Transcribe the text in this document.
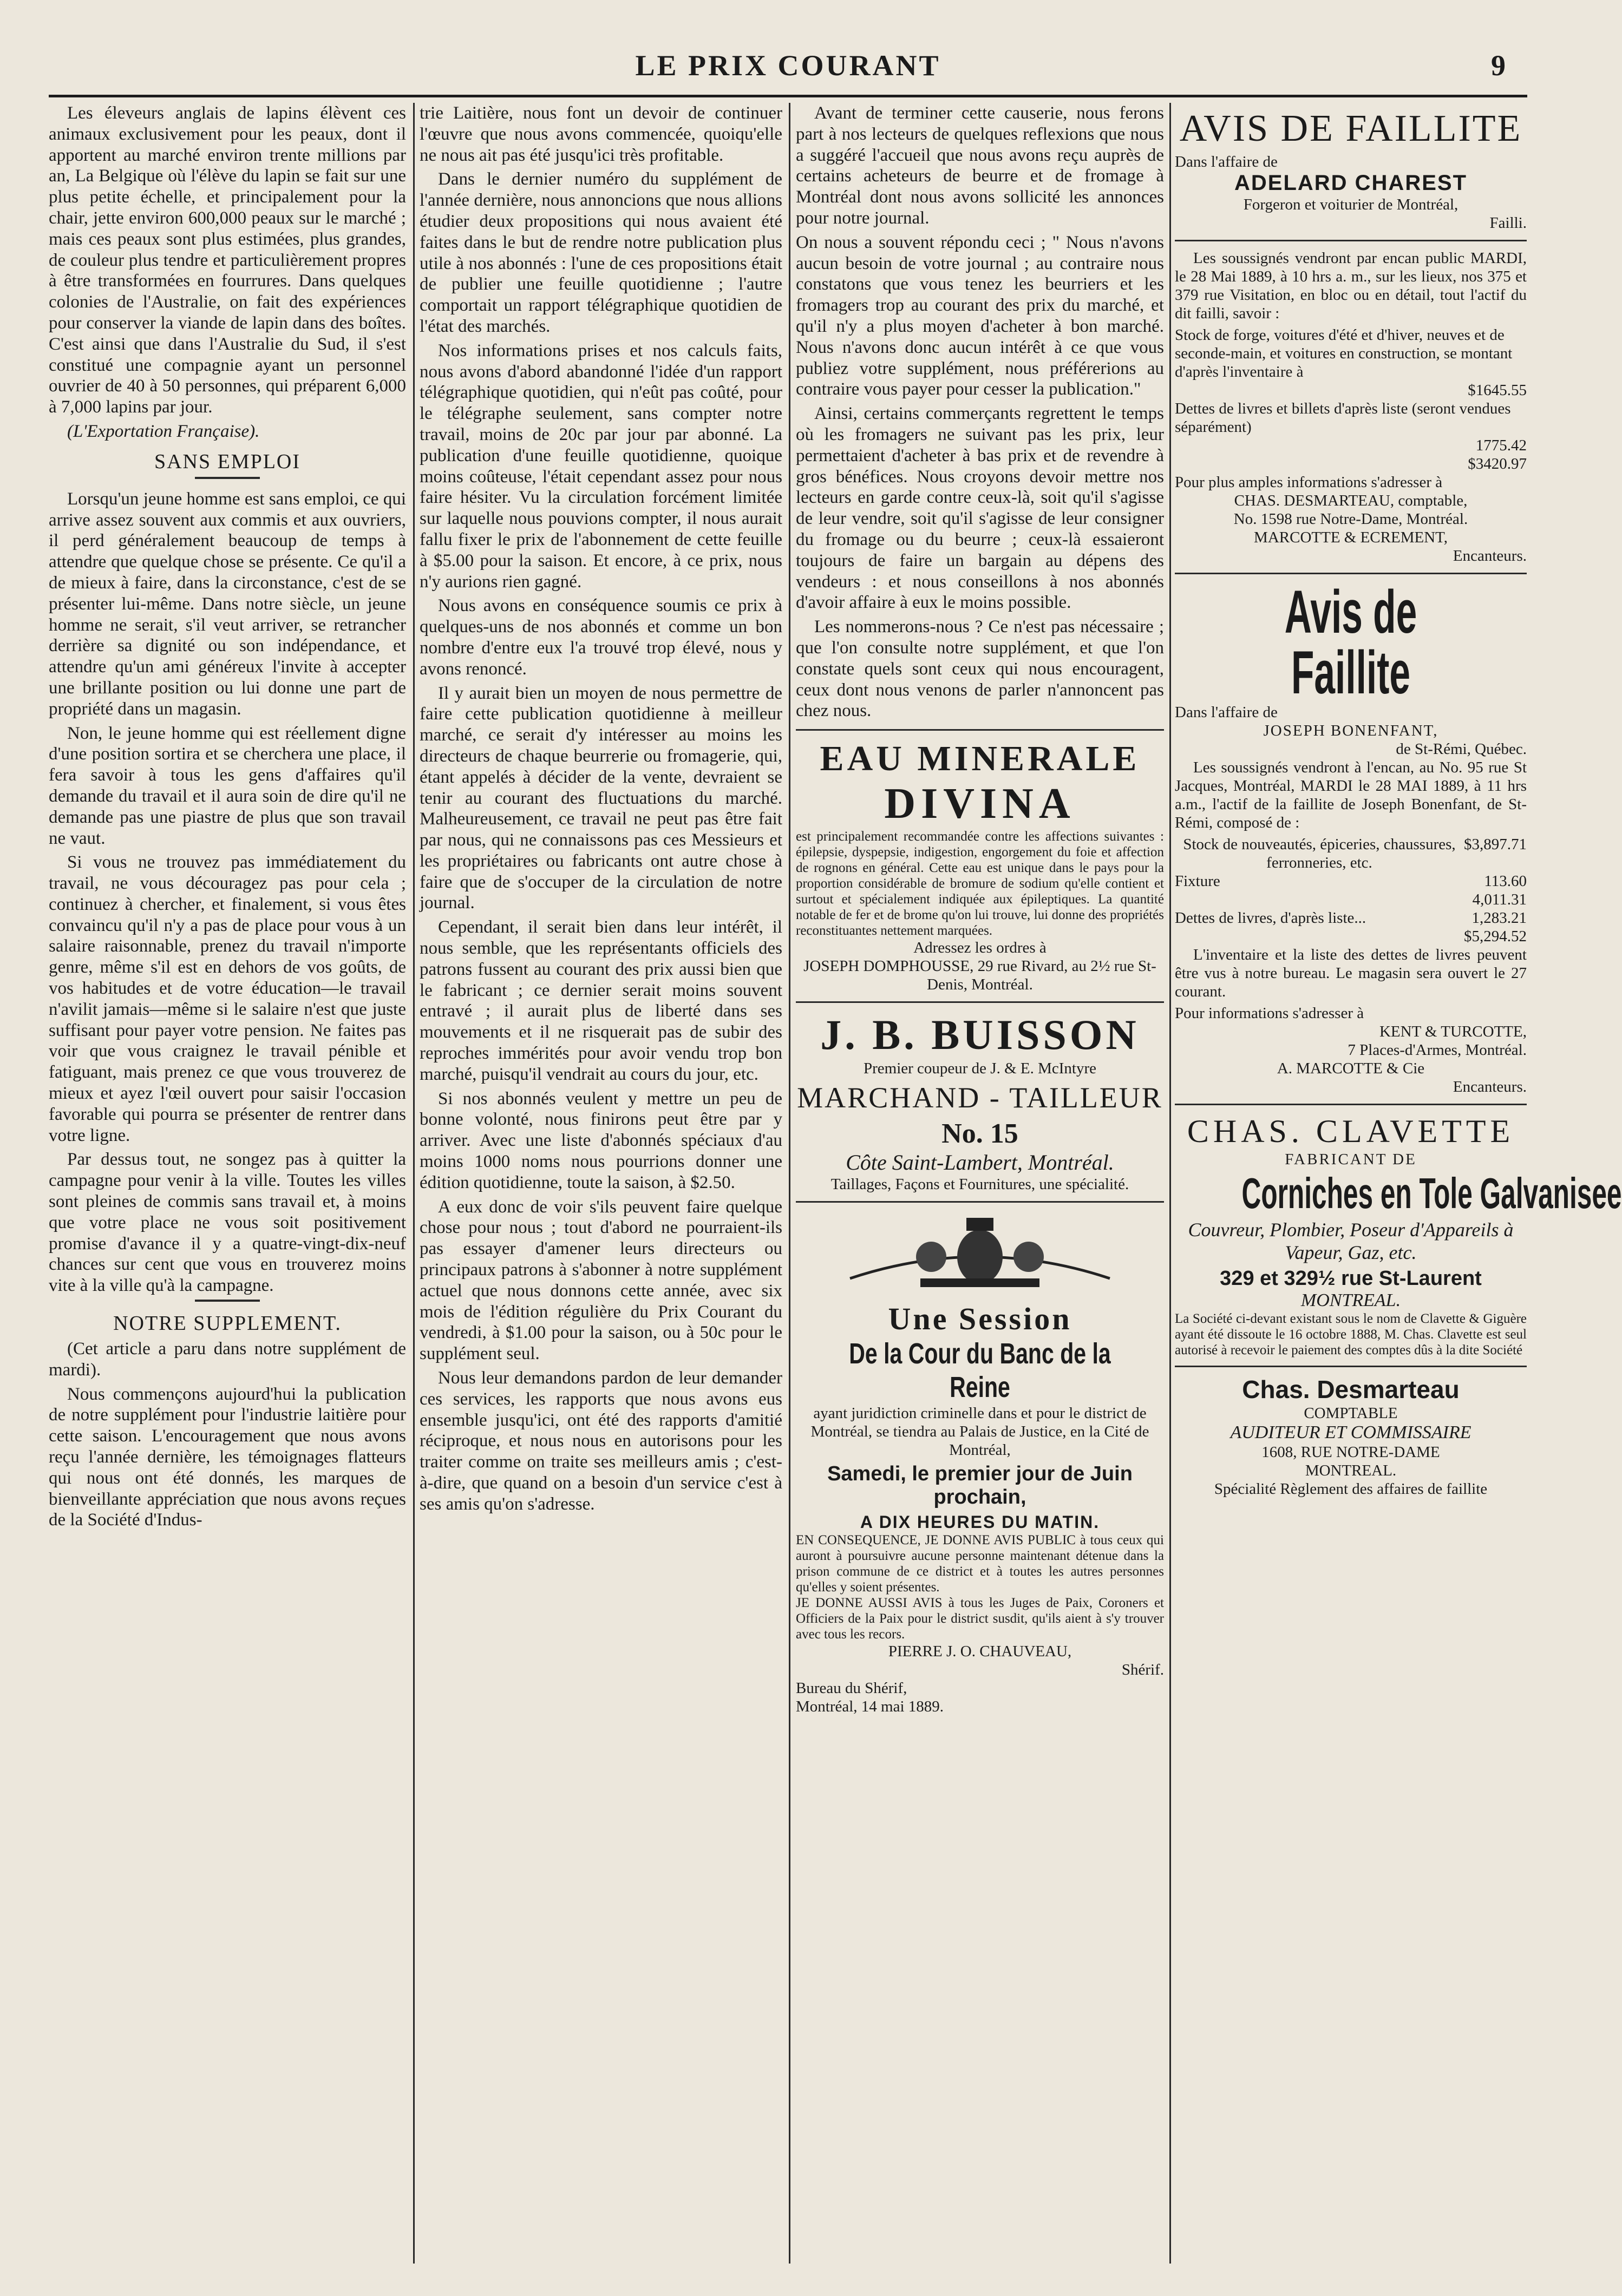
LE PRIX COURANT	9

Les éleveurs anglais de lapins élèvent ces animaux exclusivement pour les peaux, dont il apportent au marché environ trente millions par an, La Belgique où l'élève du lapin se fait sur une plus petite échelle, et principalement pour la chair, jette environ 600,000 peaux sur le marché ; mais ces peaux sont plus estimées, plus grandes, de couleur plus tendre et particulièrement propres à être transformées en fourrures. Dans quelques colonies de l'Australie, on fait des expériences pour conserver la viande de lapin dans des boîtes. C'est ainsi que dans l'Australie du Sud, il s'est constitué une compagnie ayant un personnel ouvrier de 40 à 50 personnes, qui préparent 6,000 à 7,000 lapins par jour.

(L'Exportation Française).

SANS EMPLOI

Lorsqu'un jeune homme est sans emploi, ce qui arrive assez souvent aux commis et aux ouvriers, il perd généralement beaucoup de temps à attendre que quelque chose se présente. Ce qu'il a de mieux à faire, dans la circonstance, c'est de se présenter lui-même. Dans notre siècle, un jeune homme ne serait, s'il veut arriver, se retrancher derrière sa dignité ou son indépendance, et attendre qu'un ami généreux l'invite à accepter une brillante position ou lui donne une part de propriété dans un magasin.

Non, le jeune homme qui est réellement digne d'une position sortira et se cherchera une place, il fera savoir à tous les gens d'affaires qu'il demande du travail et il aura soin de dire qu'il ne demande pas une piastre de plus que son travail ne vaut.

Si vous ne trouvez pas immédiatement du travail, ne vous découragez pas pour cela ; continuez à chercher, et finalement, si vous êtes convaincu qu'il n'y a pas de place pour vous à un salaire raisonnable, prenez du travail n'importe genre, même s'il est en dehors de vos goûts, de vos habitudes et de votre éducation—le travail n'avilit jamais—même si le salaire n'est que juste suffisant pour payer votre pension. Ne faites pas voir que vous craignez le travail pénible et fatiguant, mais prenez ce que vous trouverez de mieux et ayez l'œil ouvert pour saisir l'occasion favorable qui pourra se présenter de rentrer dans votre ligne.

Par dessus tout, ne songez pas à quitter la campagne pour venir à la ville. Toutes les villes sont pleines de commis sans travail et, à moins que votre place ne vous soit positivement promise d'avance il y a quatre-vingt-dix-neuf chances sur cent que vous en trouverez moins vite à la ville qu'à la campagne.

NOTRE SUPPLEMENT.

(Cet article a paru dans notre supplément de mardi).

Nous commençons aujourd'hui la publication de notre supplément pour l'industrie laitière pour cette saison. L'encouragement que nous avons reçu l'année dernière, les témoignages flatteurs qui nous ont été donnés, les marques de bienveillante appréciation que nous avons reçues de la Société d'Indus-

trie Laitière, nous font un devoir de continuer l'œuvre que nous avons commencée, quoiqu'elle ne nous ait pas été jusqu'ici très profitable.

Dans le dernier numéro du supplément de l'année dernière, nous annoncions que nous allions étudier deux propositions qui nous avaient été faites dans le but de rendre notre publication plus utile à nos abonnés : l'une de ces propositions était de publier une feuille quotidienne ; l'autre comportait un rapport télégraphique quotidien de l'état des marchés.

Nos informations prises et nos calculs faits, nous avons d'abord abandonné l'idée d'un rapport télégraphique quotidien, qui n'eût pas coûté, pour le télégraphe seulement, sans compter notre travail, moins de 20c par jour par abonné. La publication d'une feuille quotidienne, quoique moins coûteuse, l'était cependant assez pour nous faire hésiter. Vu la circulation forcément limitée sur laquelle nous pouvions compter, il nous aurait fallu fixer le prix de l'abonnement de cette feuille à $5.00 pour la saison. Et encore, à ce prix, nous n'y aurions rien gagné.

Nous avons en conséquence soumis ce prix à quelques-uns de nos abonnés et comme un bon nombre d'entre eux l'a trouvé trop élevé, nous y avons renoncé.

Il y aurait bien un moyen de nous permettre de faire cette publication quotidienne à meilleur marché, ce serait d'y intéresser au moins les directeurs de chaque beurrerie ou fromagerie, qui, étant appelés à décider de la vente, devraient se tenir au courant des fluctuations du marché. Malheureusement, ce travail ne peut pas être fait par nous, qui ne connaissons pas ces Messieurs et les propriétaires ou fabricants ont autre chose à faire que de s'occuper de la circulation de notre journal.

Cependant, il serait bien dans leur intérêt, il nous semble, que les représentants officiels des patrons fussent au courant des prix aussi bien que le fabricant ; ce dernier serait moins souvent entravé ; il aurait plus de liberté dans ses mouvements et il ne risquerait pas de subir des reproches immérités pour avoir vendu trop bon marché, puisqu'il vendrait au cours du jour, etc.

Si nos abonnés veulent y mettre un peu de bonne volonté, nous finirons peut être par y arriver. Avec une liste d'abonnés spéciaux d'au moins 1000 noms nous pourrions donner une édition quotidienne, toute la saison, à $2.50.

A eux donc de voir s'ils peuvent faire quelque chose pour nous ; tout d'abord ne pourraient-ils pas essayer d'amener leurs directeurs ou principaux patrons à s'abonner à notre supplément actuel que nous donnons cette année, avec six mois de l'édition régulière du Prix Courant du vendredi, à $1.00 pour la saison, ou à 50c pour le supplément seul.

Nous leur demandons pardon de leur demander ces services, les rapports que nous avons eus ensemble jusqu'ici, ont été des rapports d'amitié réciproque, et nous nous en autorisons pour les traiter comme on traite ses meilleurs amis ; c'est-à-dire, que quand on a besoin d'un service c'est à ses amis qu'on s'adresse.

Avant de terminer cette causerie, nous ferons part à nos lecteurs de quelques reflexions que nous a suggéré l'accueil que nous avons reçu auprès de certains acheteurs de beurre et de fromage à Montréal dont nous avons sollicité les annonces pour notre journal.

On nous a souvent répondu ceci ; " Nous n'avons aucun besoin de votre journal ; au contraire nous constatons que vous tenez les beurriers et les fromagers trop au courant des prix du marché, et qu'il n'y a plus moyen d'acheter à bon marché. Nous n'avons donc aucun intérêt à ce que vous publiez votre supplément, nous préférerions au contraire vous payer pour cesser la publication."

Ainsi, certains commerçants regrettent le temps où les fromagers ne suivant pas les prix, leur permettaient d'acheter à bas prix et de revendre à gros bénéfices. Nous croyons devoir mettre nos lecteurs en garde contre ceux-là, soit qu'il s'agisse de leur vendre, soit qu'il s'agisse de leur consigner du fromage ou du beurre ; ceux-là essaieront toujours de faire un bargain au dépens des vendeurs : et nous conseillons à nos abonnés d'avoir affaire à eux le moins possible.

Les nommerons-nous ? Ce n'est pas nécessaire ; que l'on consulte notre supplément, et que l'on constate quels sont ceux qui nous encouragent, ceux dont nous venons de parler n'annoncent pas chez nous.

EAU MINERALE
DIVINA
est principalement recommandée contre les affections suivantes : épilepsie, dyspepsie, indigestion, engorgement du foie et affection de rognons en général. Cette eau est unique dans le pays pour la proportion considérable de bromure de sodium qu'elle contient et surtout et spécialement indiquée aux épileptiques. La quantité notable de fer et de brome qu'on lui trouve, lui donne des propriétés reconstituantes nettement marquées.
Adressez les ordres à
JOSEPH DOMPHOUSSE, 29 rue Rivard, au 2½ rue St-Denis, Montréal.
J. B. BUISSON
Premier coupeur de J. & E. McIntyre
MARCHAND - TAILLEUR
No. 15
Côte Saint-Lambert, Montréal.
Taillages, Façons et Fournitures, une spécialité.
Une Session
De la Cour du Banc de la Reine
ayant juridiction criminelle dans et pour le district de Montréal, se tiendra au Palais de Justice, en la Cité de Montréal,
Samedi, le premier jour de Juin prochain,
A DIX HEURES DU MATIN.
EN CONSEQUENCE, JE DONNE AVIS PUBLIC à tous ceux qui auront à poursuivre aucune personne maintenant détenue dans la prison commune de ce district et à toutes les autres personnes qu'elles y soient présentes.
JE DONNE AUSSI AVIS à tous les Juges de Paix, Coroners et Officiers de la Paix pour le district susdit, qu'ils aient à s'y trouver avec tous les recors.
PIERRE J. O. CHAUVEAU,
Shérif.
Bureau du Shérif,
Montréal, 14 mai 1889.
AVIS DE FAILLITE
Dans l'affaire de
ADELARD CHAREST
Forgeron et voiturier de Montréal,
Failli.

Les soussignés vendront par encan public MARDI, le 28 Mai 1889, à 10 hrs a. m., sur les lieux, nos 375 et 379 rue Visitation, en bloc ou en détail, tout l'actif du dit failli, savoir :

Stock de forge, voitures d'été et d'hiver, neuves et de seconde-main, et voitures en construction, se montant d'après l'inventaire à
$1645.55
Dettes de livres et billets d'après liste (seront vendues séparément)
1775.42
$3420.97
Pour plus amples informations s'adresser à
CHAS. DESMARTEAU, comptable,
No. 1598 rue Notre-Dame, Montréal.
MARCOTTE & ECREMENT,
Encanteurs.
Avis de Faillite
Dans l'affaire de
JOSEPH BONENFANT,
de St-Rémi, Québec.

Les soussignés vendront à l'encan, au No. 95 rue St Jacques, Montréal, MARDI le 28 MAI 1889, à 11 hrs a.m., l'actif de la faillite de Joseph Bonenfant, de St-Rémi, composé de :

Stock de nouveautés, épiceries, chaussures, ferronneries, etc.
$3,897.71
Fixture	113.60
4,011.31
Dettes de livres, d'après liste...	1,283.21
$5,294.52

L'inventaire et la liste des dettes de livres peuvent être vus à notre bureau. Le magasin sera ouvert le 27 courant.

Pour informations s'adresser à
KENT & TURCOTTE,
7 Places-d'Armes, Montréal.
A. MARCOTTE & Cie
Encanteurs.
CHAS. CLAVETTE
FABRICANT DE
Corniches en Tole Galvanisee
Couvreur, Plombier, Poseur d'Appareils à Vapeur, Gaz, etc.
329 et 329½ rue St-Laurent
MONTREAL.
La Société ci-devant existant sous le nom de Clavette & Giguère ayant été dissoute le 16 octobre 1888, M. Chas. Clavette est seul autorisé à recevoir le paiement des comptes dûs à la dite Société
Chas. Desmarteau
COMPTABLE
AUDITEUR ET COMMISSAIRE
1608, RUE NOTRE-DAME
MONTREAL.
Spécialité Règlement des affaires de faillite
